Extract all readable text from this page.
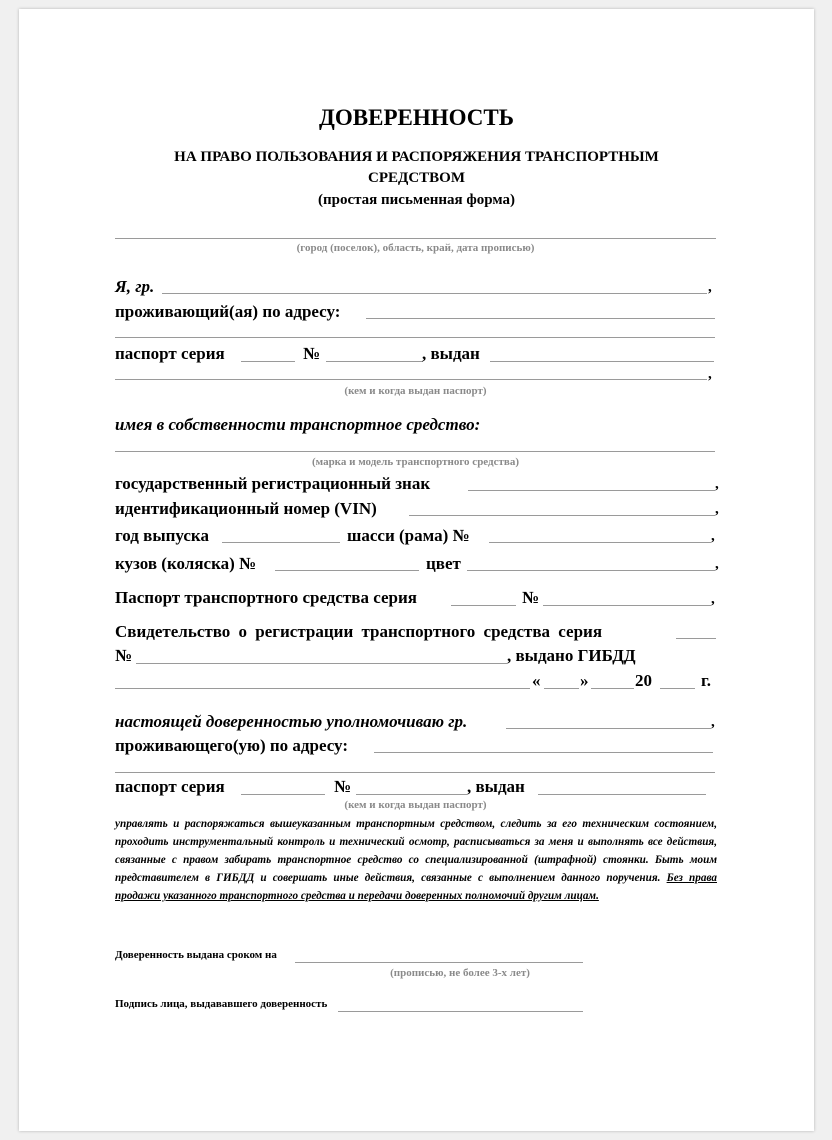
ДОВЕРЕННОСТЬ
НА ПРАВО ПОЛЬЗОВАНИЯ И РАСПОРЯЖЕНИЯ ТРАНСПОРТНЫМ
СРЕДСТВОМ
(простая письменная форма)
(город (поселок), область, край, дата прописью)
Я, гр.	,
проживающий(ая) по адресу:
паспорт серия	№	, выдан
,
(кем и когда выдан паспорт)
имея в собственности транспортное средство:
(марка и модель транспортного средства)
государственный регистрационный знак	,
идентификационный номер (VIN)	,
год выпуска	шасси (рама) №	,
кузов (коляска) №	цвет	,
Паспорт транспортного средства серия	№	,
Свидетельство о регистрации транспортного средства серия
№	, выдано ГИБДД
« »	20	г.
настоящей доверенностью уполномочиваю гр.	,
проживающего(ую) по адресу:
паспорт серия	№	, выдан
(кем и когда выдан паспорт)
управлять и распоряжаться вышеуказанным транспортным средством, следить за его техническим состоянием, проходить инструментальный контроль и технический осмотр, расписываться за меня и выполнять все действия, связанные с правом забирать транспортное средство со специализированной (штрафной) стоянки. Быть моим представителем в ГИБДД и совершать иные действия, связанные с выполнением данного поручения. Без права продажи указанного транспортного средства и передачи доверенных полномочий другим лицам.
Доверенность выдана сроком на
(прописью, не более 3-х лет)
Подпись лица, выдававшего доверенность
